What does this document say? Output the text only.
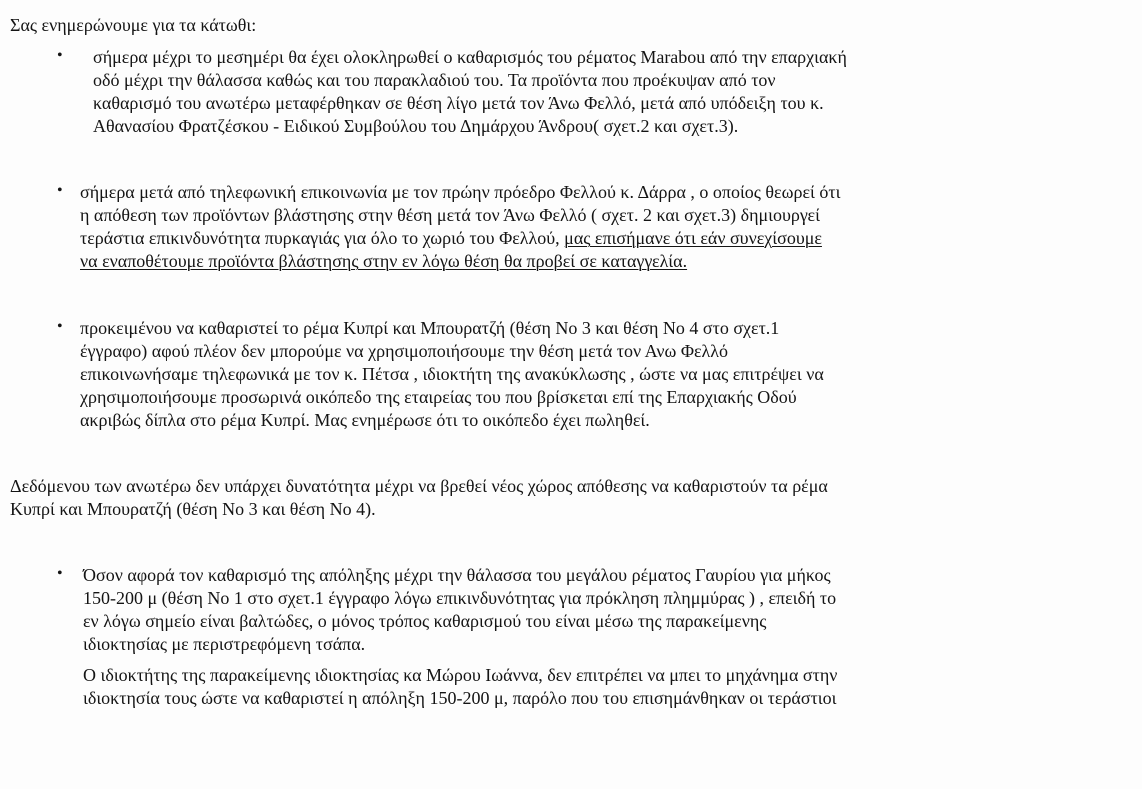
Σας ενημερώνουμε για τα κάτωθι:
• σήμερα μέχρι το μεσημέρι θα έχει ολοκληρωθεί ο καθαρισμός του ρέματος Marabou από την επαρχιακή
οδό μέχρι την θάλασσα καθώς και του παρακλαδιού του. Τα προϊόντα που προέκυψαν από τον
καθαρισμό του ανωτέρω μεταφέρθηκαν σε θέση λίγο μετά τον Άνω Φελλό, μετά από υπόδειξη του κ.
Αθανασίου Φρατζέσκου - Ειδικού Συμβούλου του Δημάρχου Άνδρου( σχετ.2 και σχετ.3).
• σήμερα μετά από τηλεφωνική επικοινωνία με τον πρώην πρόεδρο Φελλού κ. Δάρρα , ο οποίος θεωρεί ότι
η απόθεση των προϊόντων βλάστησης στην θέση μετά τον Άνω Φελλό ( σχετ. 2 και σχετ.3) δημιουργεί
τεράστια επικινδυνότητα πυρκαγιάς για όλο το χωριό του Φελλού, μας επισήμανε ότι εάν συνεχίσουμε
να εναποθέτουμε προϊόντα βλάστησης στην εν λόγω θέση θα προβεί σε καταγγελία.
• προκειμένου να καθαριστεί το ρέμα Κυπρί και Μπουρατζή (θέση Νο 3 και θέση Νο 4 στο σχετ.1
έγγραφο) αφού πλέον δεν μπορούμε να χρησιμοποιήσουμε την θέση μετά τον Ανω Φελλό
επικοινωνήσαμε τηλεφωνικά με τον κ. Πέτσα , ιδιοκτήτη της ανακύκλωσης , ώστε να μας επιτρέψει να
χρησιμοποιήσουμε προσωρινά οικόπεδο της εταιρείας του που βρίσκεται επί της Επαρχιακής Οδού
ακριβώς δίπλα στο ρέμα Κυπρί. Μας ενημέρωσε ότι το οικόπεδο έχει πωληθεί.
Δεδόμενου των ανωτέρω δεν υπάρχει δυνατότητα μέχρι να βρεθεί νέος χώρος απόθεσης να καθαριστούν τα ρέμα
Κυπρί και Μπουρατζή (θέση Νο 3 και θέση Νο 4).
• Όσον αφορά τον καθαρισμό της απόληξης μέχρι την θάλασσα του μεγάλου ρέματος Γαυρίου για μήκος
150-200 μ (θέση Νο 1 στο σχετ.1 έγγραφο λόγω επικινδυνότητας για πρόκληση πλημμύρας ) , επειδή το
εν λόγω σημείο είναι βαλτώδες, ο μόνος τρόπος καθαρισμού του είναι μέσω της παρακείμενης
ιδιοκτησίας με περιστρεφόμενη τσάπα.
Ο ιδιοκτήτης της παρακείμενης ιδιοκτησίας κα Μώρου Ιωάννα, δεν επιτρέπει να μπει το μηχάνημα στην
ιδιοκτησία τους ώστε να καθαριστεί η απόληξη 150-200 μ, παρόλο που του επισημάνθηκαν οι τεράστιοι
